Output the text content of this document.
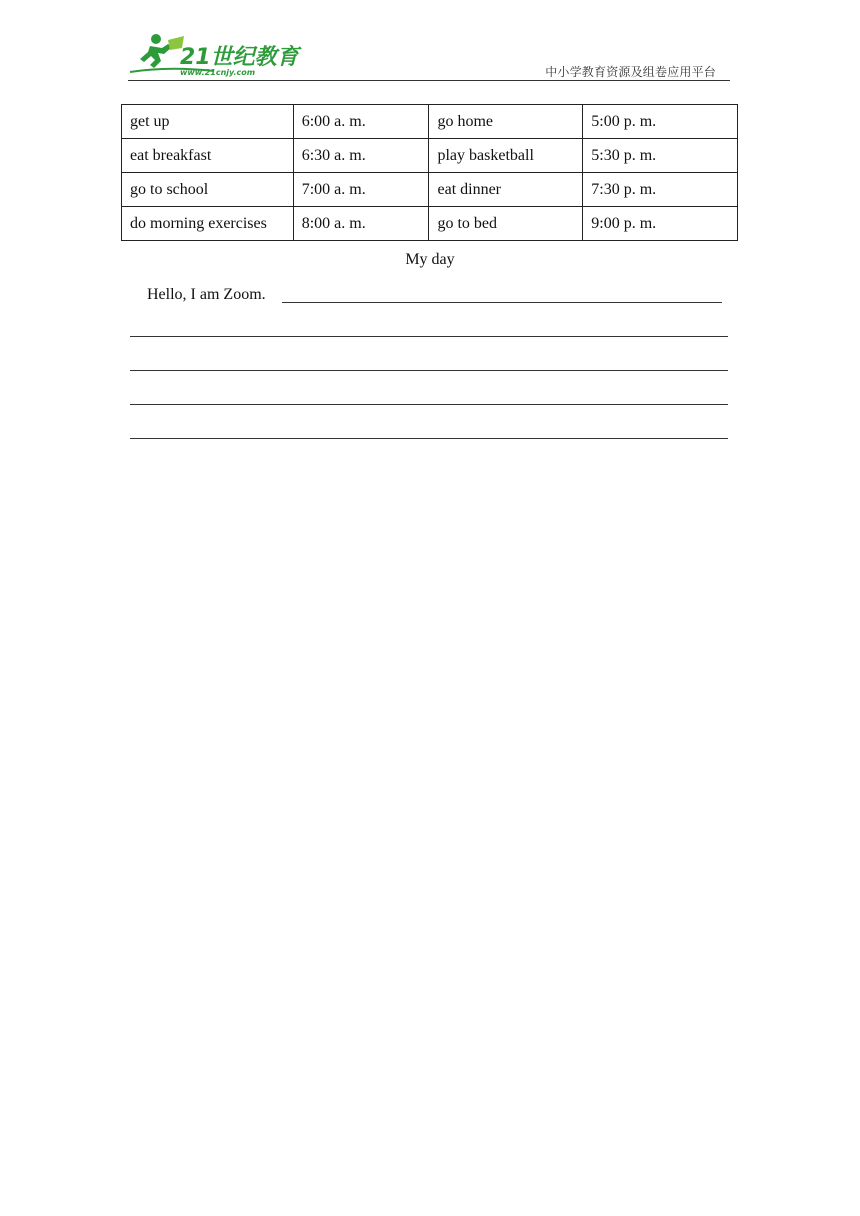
21世纪教育
www.21cnjy.com	中小学教育资源及组卷应用平台
get up	6:00 a. m.	go home	5:00 p. m.
eat breakfast	6:30 a. m.	play basketball	5:30 p. m.
go to school	7:00 a. m.	eat dinner	7:30 p. m.
do morning exercises	8:00 a. m.	go to bed	9:00 p. m.
My day
Hello, I am Zoom.
